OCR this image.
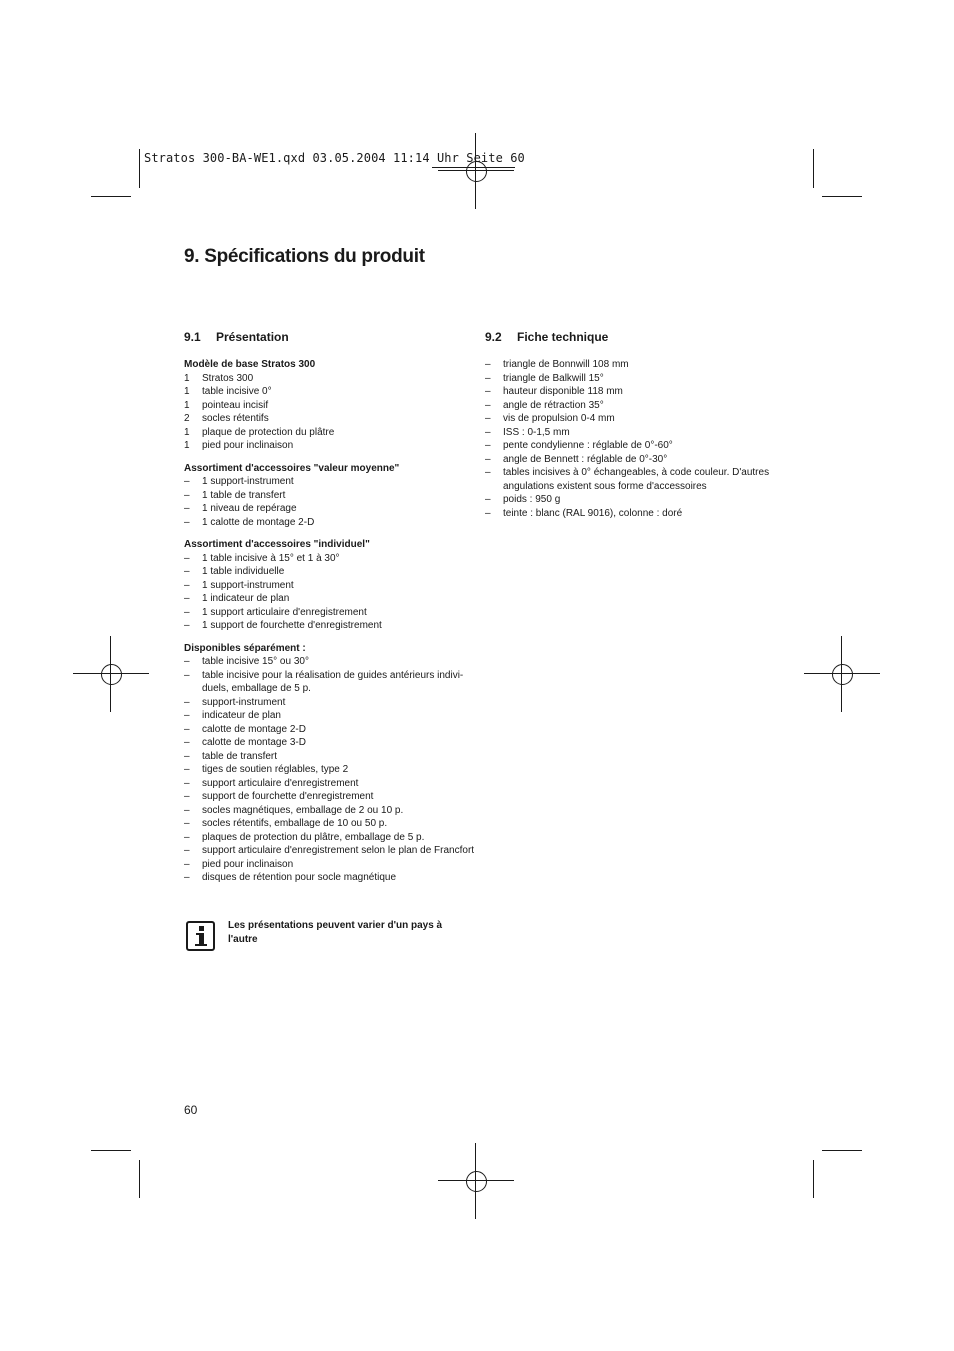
Stratos 300-BA-WE1.qxd 03.05.2004 11:14 Uhr Seite 60
9. Spécifications du produit
9.1 Présentation
Modèle de base Stratos 300
1	Stratos 300
1	table incisive 0°
1	pointeau incisif
2	socles rétentifs
1	plaque de protection du plâtre
1	pied pour inclinaison
Assortiment d'accessoires "valeur moyenne"
–	1 support-instrument
–	1 table de transfert
–	1 niveau de repérage
–	1 calotte de montage 2-D
Assortiment d'accessoires "individuel"
–	1 table incisive à 15° et 1 à 30°
–	1 table individuelle
–	1 support-instrument
–	1 indicateur de plan
–	1 support articulaire d'enregistrement
–	1 support de fourchette d'enregistrement
Disponibles séparément :
–	table incisive 15° ou 30°
–	table incisive pour la réalisation de guides antérieurs indivi-duels, emballage de 5 p.
–	support-instrument
–	indicateur de plan
–	calotte de montage 2-D
–	calotte de montage 3-D
–	table de transfert
–	tiges de soutien réglables, type 2
–	support articulaire d'enregistrement
–	support de fourchette d'enregistrement
–	socles magnétiques, emballage de 2 ou 10 p.
–	socles rétentifs, emballage de 10 ou 50 p.
–	plaques de protection du plâtre, emballage de 5 p.
–	support articulaire d'enregistrement selon le plan de Francfort
–	pied pour inclinaison
–	disques de rétention pour socle magnétique
9.2 Fiche technique
–	triangle de Bonnwill 108 mm
–	triangle de Balkwill 15°
–	hauteur disponible 118 mm
–	angle de rétraction 35°
–	vis de propulsion 0-4 mm
–	ISS : 0-1,5 mm
–	pente condylienne : réglable de 0°-60°
–	angle de Bennett : réglable de 0°-30°
–	tables incisives à 0° échangeables, à code couleur. D'autres angulations existent sous forme d'accessoires
–	poids : 950 g
–	teinte : blanc (RAL 9016), colonne : doré
Les présentations peuvent varier d'un pays à l'autre
60
